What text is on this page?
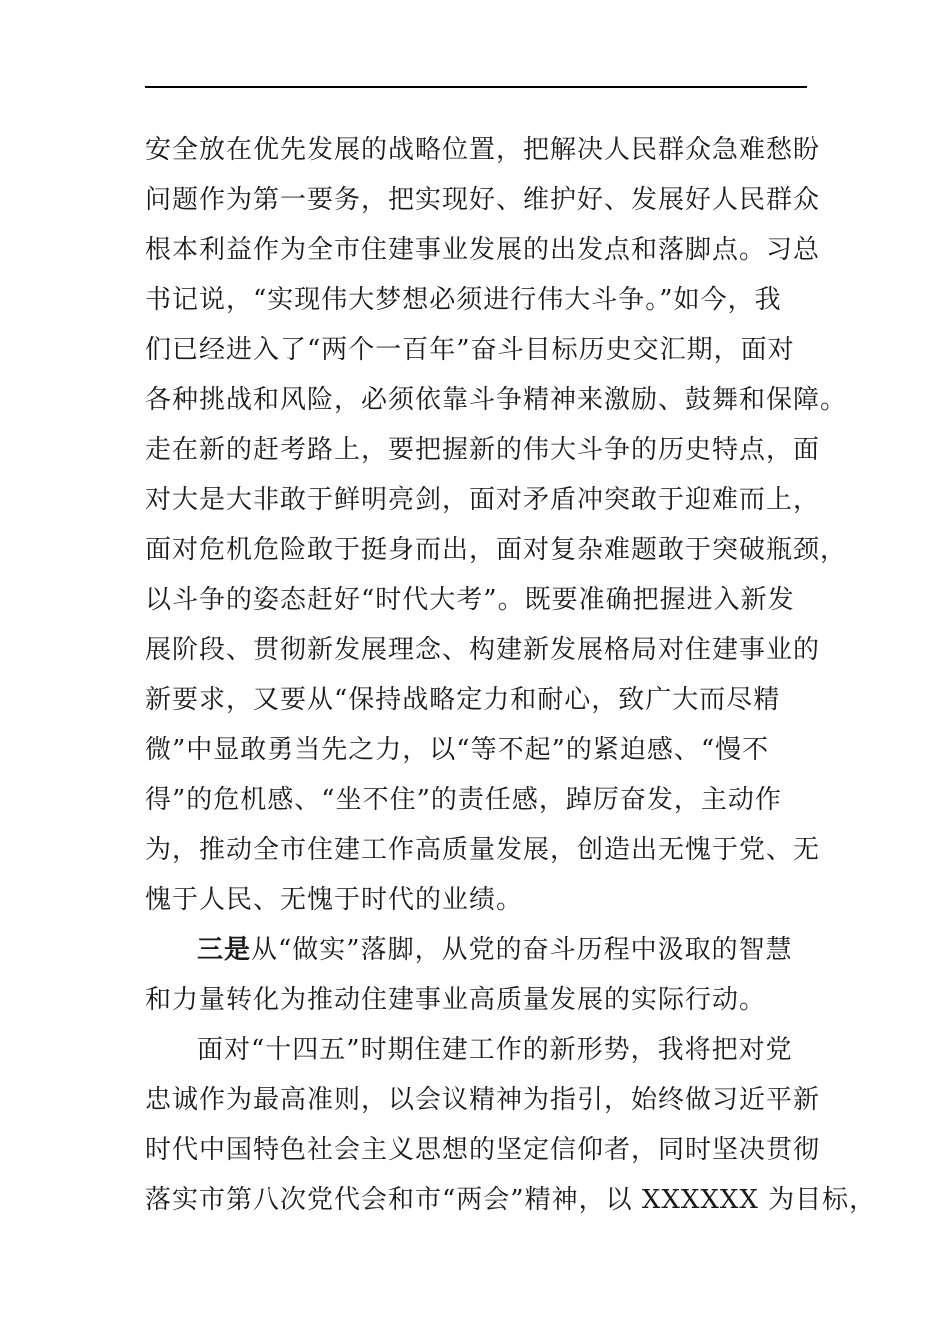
安全放在优先发展的战略位置，把解决人民群众急难愁盼
问题作为第一要务，把实现好、维护好、发展好人民群众
根本利益作为全市住建事业发展的出发点和落脚点。习总
书记说，“实现伟大梦想必须进行伟大斗争。”如今，我
们已经进入了“两个一百年”奋斗目标历史交汇期，面对
各种挑战和风险，必须依靠斗争精神来激励、鼓舞和保障。
走在新的赶考路上，要把握新的伟大斗争的历史特点，面
对大是大非敢于鲜明亮剑，面对矛盾冲突敢于迎难而上，
面对危机危险敢于挺身而出，面对复杂难题敢于突破瓶颈，
以斗争的姿态赶好“时代大考”。既要准确把握进入新发
展阶段、贯彻新发展理念、构建新发展格局对住建事业的
新要求，又要从“保持战略定力和耐心，致广大而尽精
微”中显敢勇当先之力，以“等不起”的紧迫感、“慢不
得”的危机感、“坐不住”的责任感，踔厉奋发，主动作
为，推动全市住建工作高质量发展，创造出无愧于党、无
愧于人民、无愧于时代的业绩。
三是从“做实”落脚，从党的奋斗历程中汲取的智慧
和力量转化为推动住建事业高质量发展的实际行动。
面对“十四五”时期住建工作的新形势，我将把对党
忠诚作为最高准则，以会议精神为指引，始终做习近平新
时代中国特色社会主义思想的坚定信仰者，同时坚决贯彻
落实市第八次党代会和市“两会”精神，以 XXXXXX 为目标，
